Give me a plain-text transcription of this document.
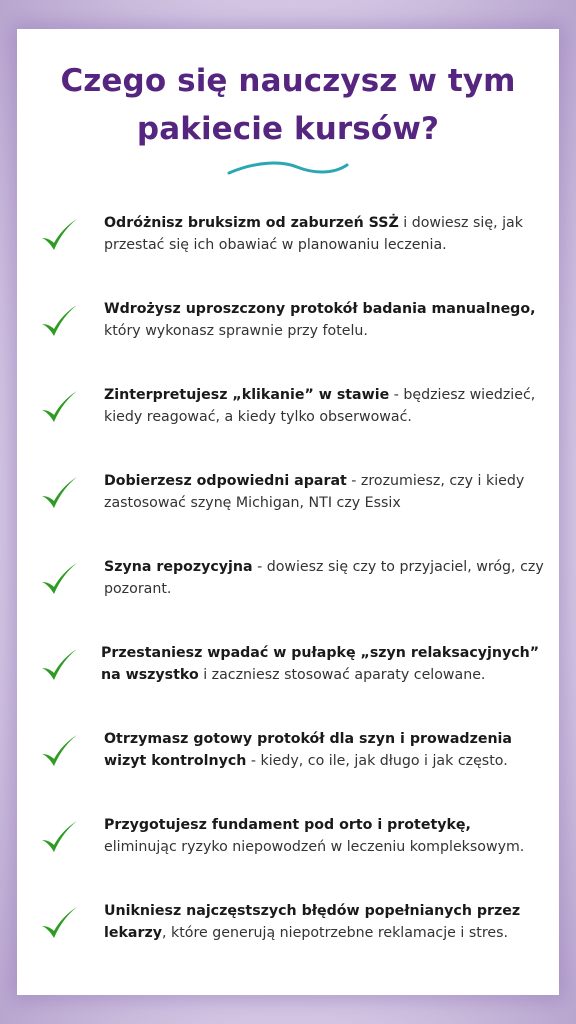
Czego się nauczysz w tym
pakiecie kursów?
Odróżnisz bruksizm od zaburzeń SSŻ i dowiesz się, jak przestać się ich obawiać w planowaniu leczenia.
Wdrożysz uproszczony protokół badania manualnego, który wykonasz sprawnie przy fotelu.
Zinterpretujesz „klikanie” w stawie - będziesz wiedzieć, kiedy reagować, a kiedy tylko obserwować.
Dobierzesz odpowiedni aparat - zrozumiesz, czy i kiedy zastosować szynę Michigan, NTI czy Essix
Szyna repozycyjna - dowiesz się czy to przyjaciel, wróg, czy pozorant.
Przestaniesz wpadać w pułapkę „szyn relaksacyjnych” na wszystko i zaczniesz stosować aparaty celowane.
Otrzymasz gotowy protokół dla szyn i prowadzenia wizyt kontrolnych - kiedy, co ile, jak długo i jak często.
Przygotujesz fundament pod orto i protetykę, eliminując ryzyko niepowodzeń w leczeniu kompleksowym.
Unikniesz najczęstszych błędów popełnianych przez lekarzy, które generują niepotrzebne reklamacje i stres.
